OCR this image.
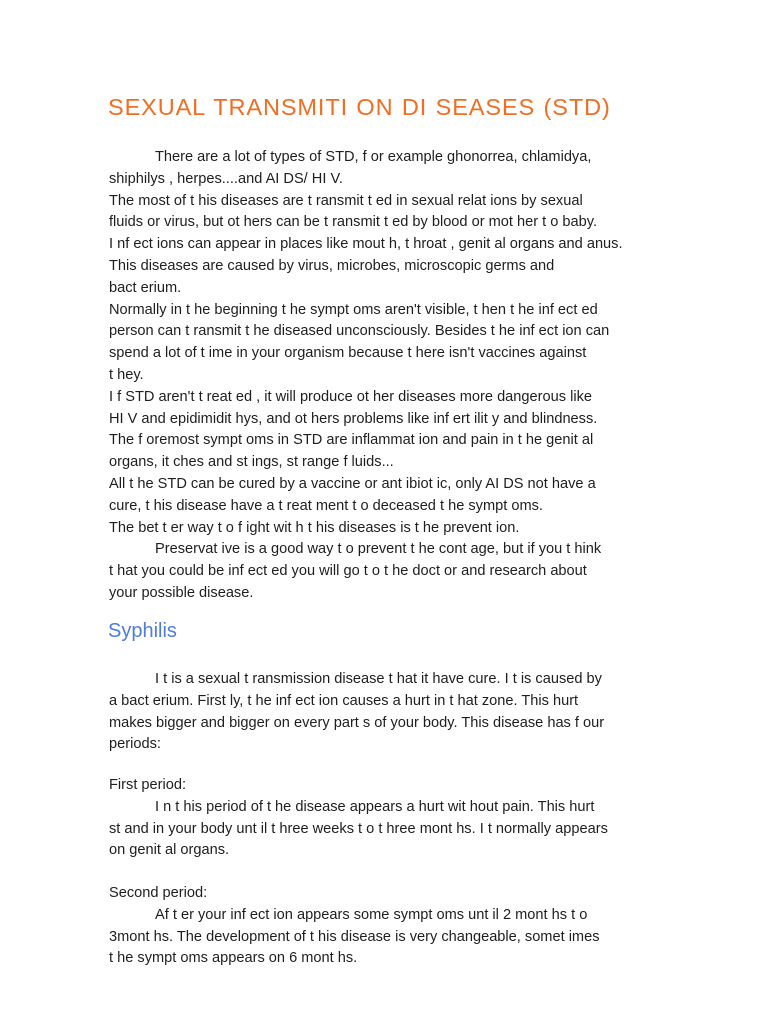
SEXUAL TRANSMITI ON DI SEASES (STD)
There are a lot of types of STD, f or example ghonorrea, chlamidya,
shiphilys , herpes....and AI DS/ HI V.
The most of t his diseases are t ransmit t ed in sexual relat ions by sexual
fluids or virus, but ot hers can be t ransmit t ed by blood or mot her t o baby.
I nf ect ions can appear in places like mout h, t hroat , genit al organs and anus.
This diseases are caused by virus, microbes, microscopic germs and
bact erium.
Normally in t he beginning t he sympt oms aren't visible, t hen t he inf ect ed
person can t ransmit t he diseased unconsciously. Besides t he inf ect ion can
spend a lot of t ime in your organism because t here isn't vaccines against
t hey.
I f STD aren't t reat ed , it will produce ot her diseases more dangerous like
HI V and epidimidit hys, and ot hers problems like inf ert ilit y and blindness.
The f oremost sympt oms in STD are inflammat ion and pain in t he genit al
organs, it ches and st ings, st range f luids...
All t he STD can be cured by a vaccine or ant ibiot ic, only AI DS not have a
cure, t his disease have a t reat ment t o deceased t he sympt oms.
The bet t er way t o f ight wit h t his diseases is t he prevent ion.
Preservat ive is a good way t o prevent t he cont age, but if you t hink
t hat you could be inf ect ed you will go t o t he doct or and research about
your possible disease.
Syphilis
I t is a sexual t ransmission disease t hat it have cure. I t is caused by
a bact erium. First ly, t he inf ect ion causes a hurt in t hat zone. This hurt
makes bigger and bigger on every part s of your body. This disease has f our
periods:
First period:
I n t his period of t he disease appears a hurt wit hout pain. This hurt
st and in your body unt il t hree weeks t o t hree mont hs. I t normally appears
on genit al organs.
Second period:
Af t er your inf ect ion appears some sympt oms unt il 2 mont hs t o
3mont hs. The development of t his disease is very changeable, somet imes
t he sympt oms appears on 6 mont hs.
